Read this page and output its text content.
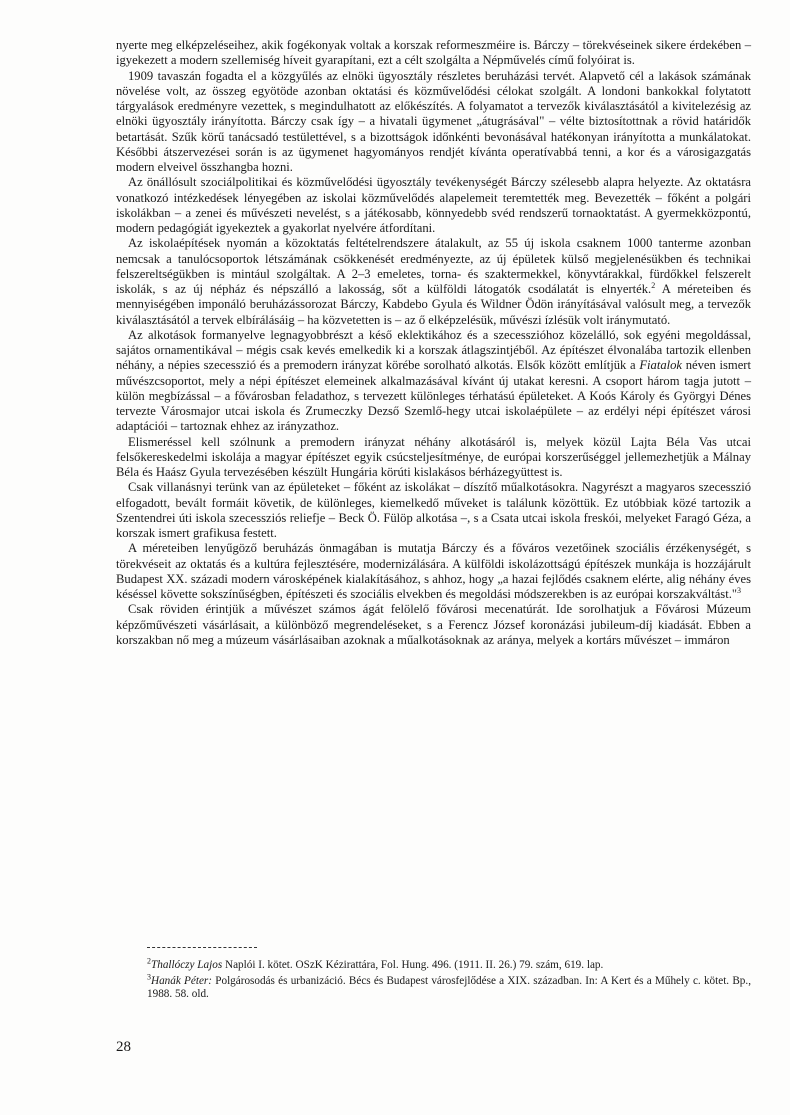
nyerte meg elképzeléseihez, akik fogékonyak voltak a korszak reformeszméire is. Bárczy – törekvéseinek sikere érdekében – igyekezett a modern szellemiség híveit gyarapítani, ezt a célt szolgálta a Népművelés című folyóirat is.

1909 tavaszán fogadta el a közgyűlés az elnöki ügyosztály részletes beruházási tervét. Alapvető cél a lakások számának növelése volt, az összeg egyötöde azonban oktatási és közművelődési célokat szolgált. A londoni bankokkal folytatott tárgyalások eredményre vezettek, s megindulhatott az előkészítés. A folyamatot a tervezők kiválasztásától a kivitelezésig az elnöki ügyosztály irányította. Bárczy csak így – a hivatali ügymenet „átugrásával" – vélte biztosítottnak a rövid határidők betartását. Szűk körű tanácsadó testülettével, s a bizottságok időnkénti bevonásával hatékonyan irányította a munkálatokat. Későbbi átszervezései során is az ügymenet hagyományos rendjét kívánta operatívabbá tenni, a kor és a városigazgatás modern elveivel összhangba hozni.

Az önállósult szociálpolitikai és közművelődési ügyosztály tevékenységét Bárczy szélesebb alapra helyezte. Az oktatásra vonatkozó intézkedések lényegében az iskolai közművelődés alapelemeit teremtették meg. Bevezették – főként a polgári iskolákban – a zenei és művészeti nevelést, s a játékosabb, könnyedebb svéd rendszerű tornaoktatást. A gyermekközpontú, modern pedagógiát igyekeztek a gyakorlat nyelvére átfordítani.

Az iskolaépítések nyomán a közoktatás feltételrendszere átalakult, az 55 új iskola csaknem 1000 tanterme azonban nemcsak a tanulócsoportok létszámának csökkenését eredményezte, az új épületek külső megjelenésükben és technikai felszereltségükben is mintául szolgáltak. A 2–3 emeletes, torna- és szaktermekkel, könyvtárakkal, fürdőkkel felszerelt iskolák, s az új népház és népszálló a lakosság, sőt a külföldi látogatók csodálatát is elnyerték.$^2$ A méreteiben és mennyiségében imponáló beruházássorozat Bárczy, Kabdebo Gyula és Wildner Ödön irányításával valósult meg, a tervezők kiválasztásától a tervek elbírálásáig – ha közvetetten is – az ő elképzelésük, művészi ízlésük volt iránymutató.

Az alkotások formanyelve legnagyobbrészt a késő eklektikához és a szecesszióhoz közelálló, sok egyéni megoldással, sajátos ornamentikával – mégis csak kevés emelkedik ki a korszak átlagszintjéből. Az építészet élvonalába tartozik ellenben néhány, a népies szecesszió és a premodern irányzat körébe sorolható alkotás. Elsők között említjük a Fiatalok néven ismert művészcsoportot, mely a népi építészet elemeinek alkalmazásával kívánt új utakat keresni. A csoport három tagja jutott – külön megbízással – a fővárosban feladathoz, s tervezett különleges térhatású épületeket. A Koós Károly és Györgyi Dénes tervezte Városmajor utcai iskola és Zrumeczky Dezső Szemlő-hegy utcai iskolaépülete – az erdélyi népi építészet városi adaptációi – tartoznak ehhez az irányzathoz.

Elismeréssel kell szólnunk a premodern irányzat néhány alkotásáról is, melyek közül Lajta Béla Vas utcai felsőkereskedelmi iskolája a magyar építészet egyik csúcsteljesítménye, de európai korszerűséggel jellemezhetjük a Málnay Béla és Haász Gyula tervezésében készült Hungária körúti kislakásos bérházegyüttest is.

Csak villanásnyi terünk van az épületeket – főként az iskolákat – díszítő műalkotásokra. Nagyrészt a magyaros szecesszió elfogadott, bevált formáit követik, de különleges, kiemelkedő műveket is találunk közöttük. Ez utóbbiak közé tartozik a Szentendrei úti iskola szecessziós reliefje – Beck Ö. Fülöp alkotása –, s a Csata utcai iskola freskói, melyeket Faragó Géza, a korszak ismert grafikusa festett.

A méreteiben lenyűgöző beruházás önmagában is mutatja Bárczy és a főváros vezetőinek szociális érzékenységét, s törekvéseit az oktatás és a kultúra fejlesztésére, modernizálására. A külföldi iskolázottságú építészek munkája is hozzájárult Budapest XX. századi modern városképének kialakításához, s ahhoz, hogy „a hazai fejlődés csaknem elérte, alig néhány éves késéssel követte sokszínűségben, építészeti és szociális elvekben és megoldási módszerekben is az európai korszakváltást."$^3$

Csak röviden érintjük a művészet számos ágát felölelő fővárosi mecenatúrát. Ide sorolhatjuk a Fővárosi Múzeum képzőművészeti vásárlásait, a különböző megrendeléseket, s a Ferencz József koronázási jubileum-díj kiadását. Ebben a korszakban nő meg a múzeum vásárlásaiban azoknak a műalkotásoknak az aránya, melyek a kortárs művészet – immáron

$^2$Thallóczy Lajos Naplói I. kötet. OSzK Kézirattára, Fol. Hung. 496. (1911. II. 26.) 79. szám, 619. lap.

$^3$Hanák Péter: Polgárosodás és urbanizáció. Bécs és Budapest városfejlődése a XIX. században. In: A Kert és a Műhely c. kötet. Bp., 1988. 58. old.

28
